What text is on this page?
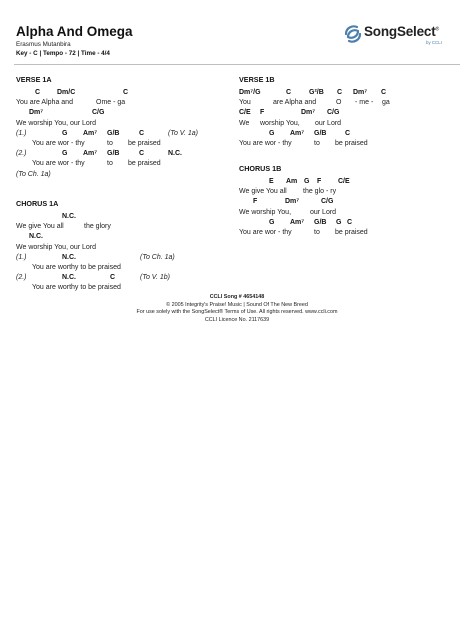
Alpha And Omega
Erasmus Mutanbira
Key - C | Tempo - 72 | Time - 4/4
SongSelect®
by CCLI
VERSE 1A
C Dm/C	C
You are Alpha and	Ome - ga
Dm⁷	C/G
We worship You, our Lord
(1.)	G Am⁷ G/B	C	(To V. 1a)
You are wor - thy	to be praised
(2.)	G Am⁷ G/B	C	N.C.
You are wor - thy	to be praised
(To Ch. 1a)
CHORUS 1A
N.C.
We give You all	the glory
N.C.
We worship You, our Lord
(1.)	N.C.	(To Ch. 1a)
You are worthy to be praised
(2.)	N.C.	C	(To V. 1b)
You are worthy to be praised
VERSE 1B
Dm⁷/G	C	G²/B C Dm⁷ C
You	are Alpha and	O - me - ga
C/E F	Dm⁷ C/G
We worship You, our Lord
G Am⁷ G/B	C
You are wor - thy	to be praised
CHORUS 1B
E Am G F C/E
We give You all the glo - ry
F	Dm⁷	C/G
We worship You,	our Lord
G Am⁷ G/B G C
You are wor - thy	to be praised
CCLI Song # 4654148
© 2005 Integrity's Praise! Music | Sound Of The New Breed
For use solely with the SongSelect® Terms of Use. All rights reserved. www.ccli.com
CCLI Licence No. 2117639
